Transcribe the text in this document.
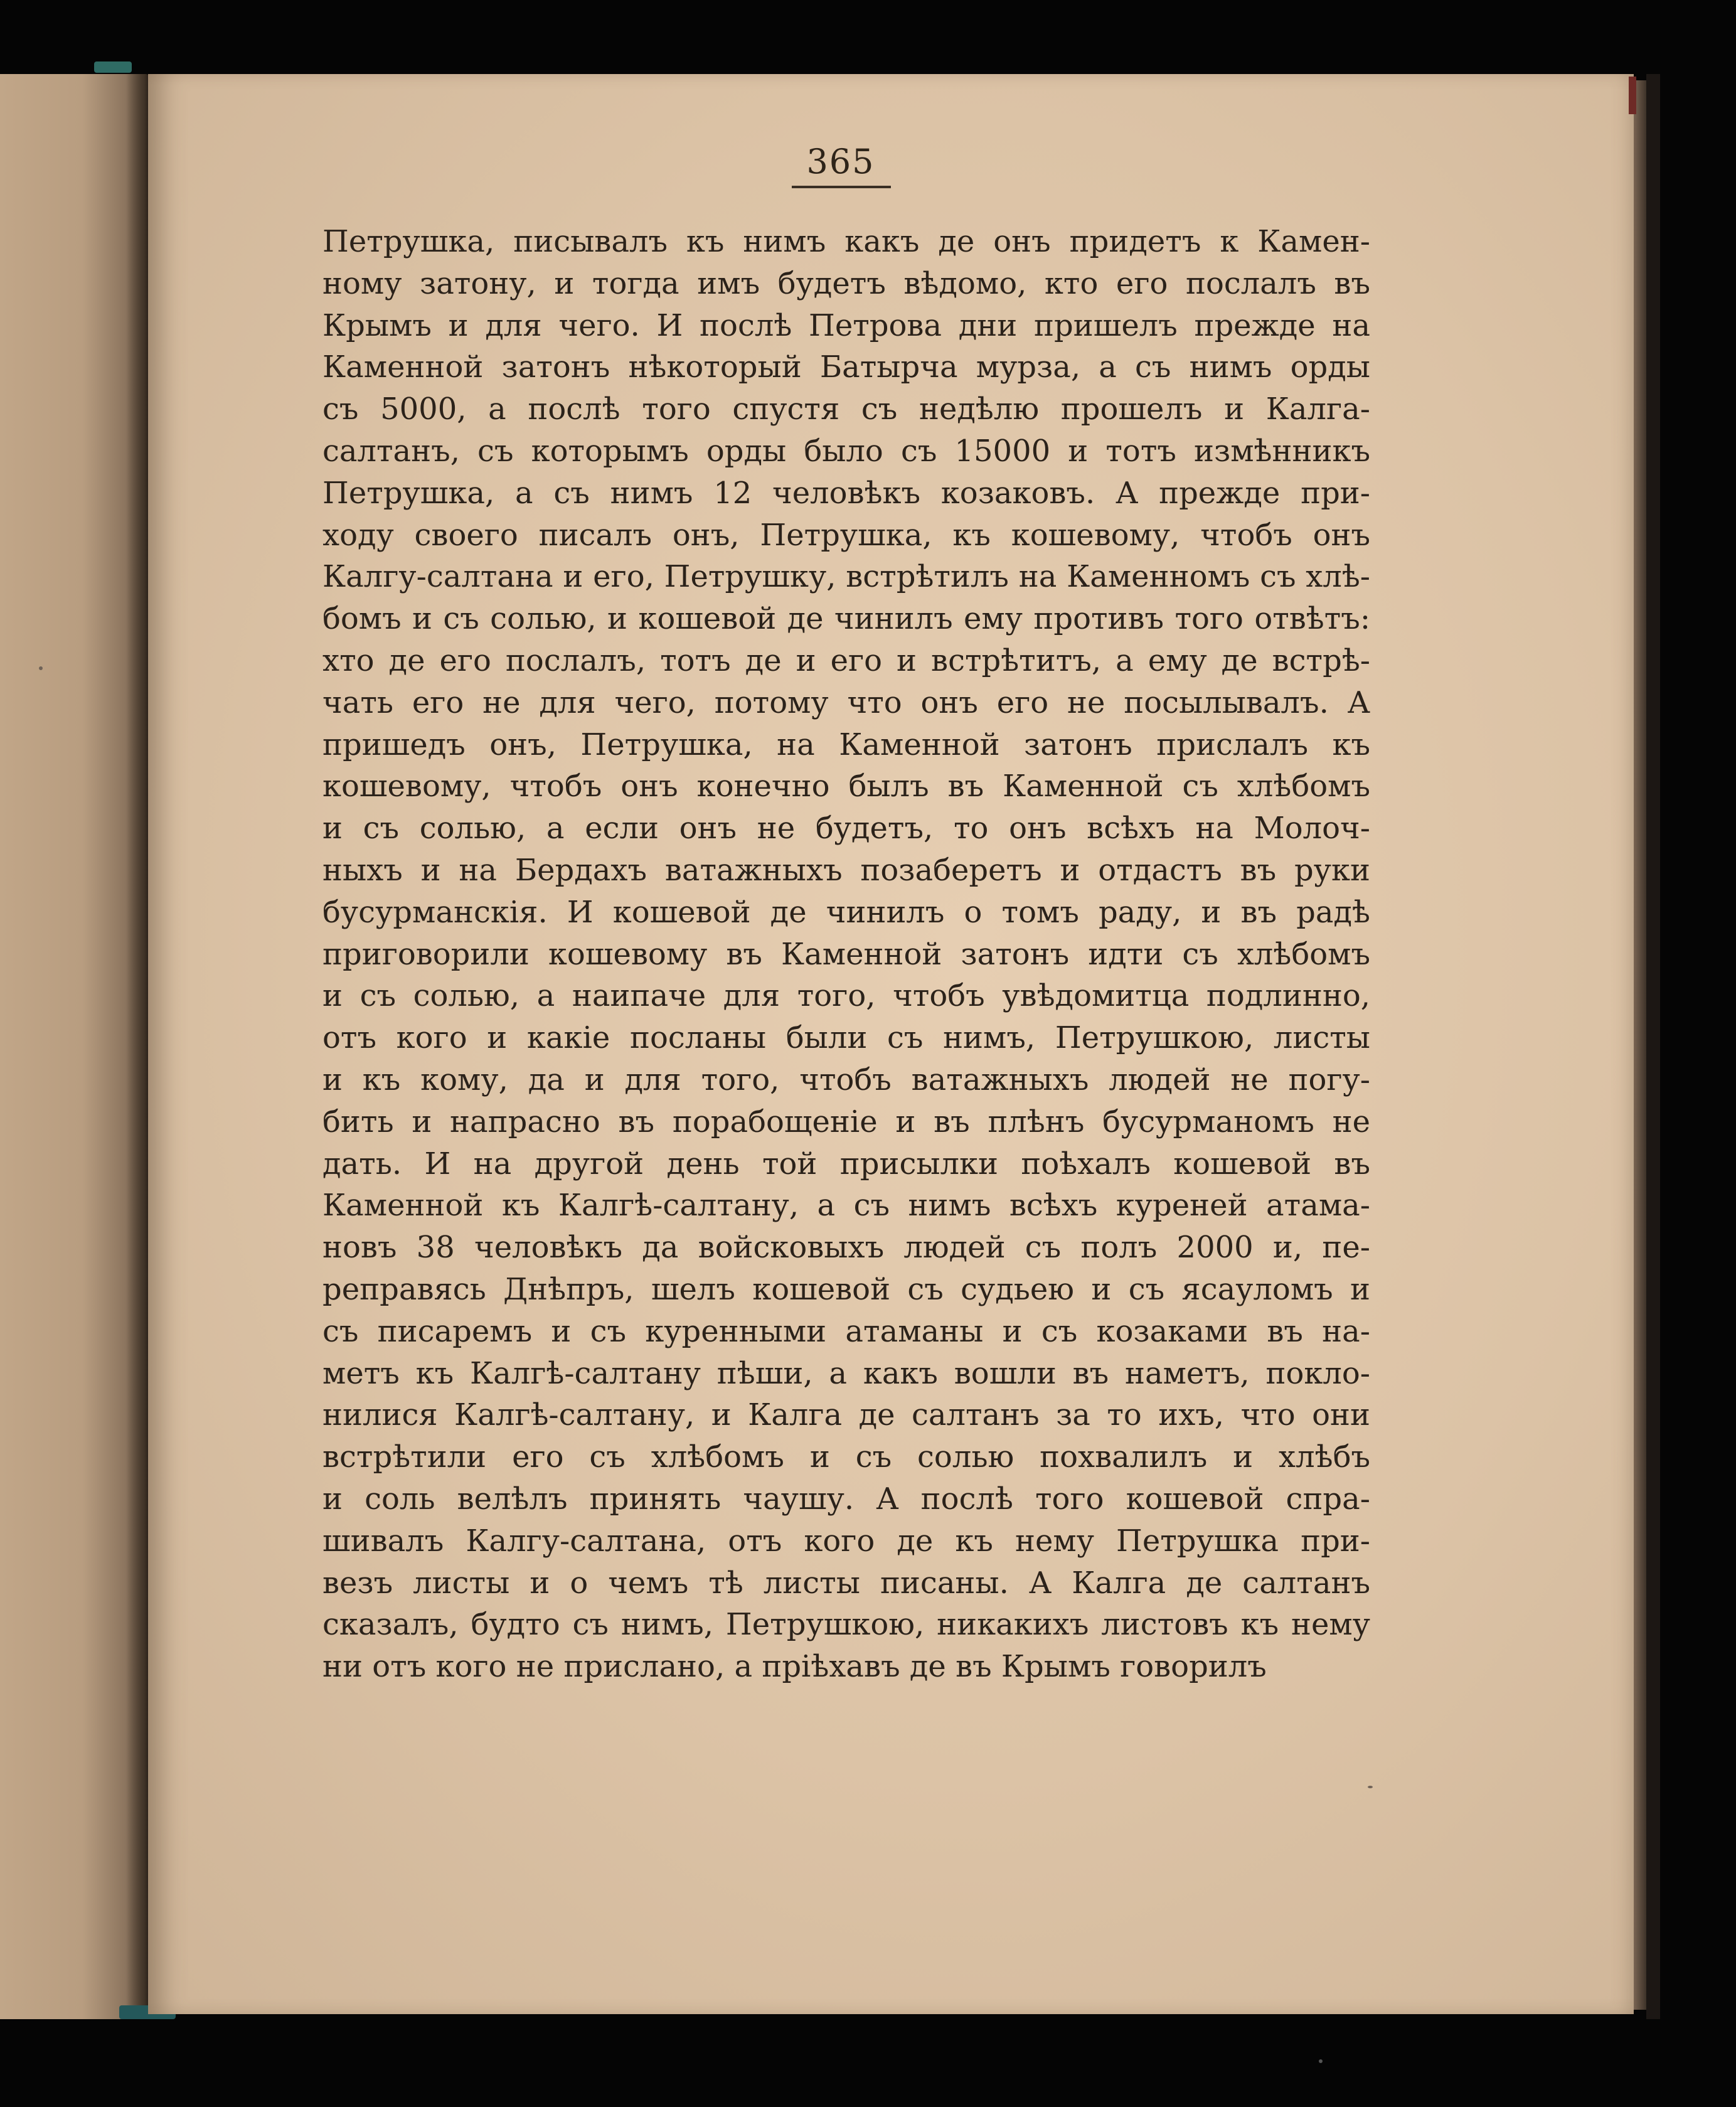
365
Петрушка, писывалъ къ нимъ какъ де онъ придетъ к Камен-
ному затону, и тогда имъ будетъ вѣдомо, кто его послалъ въ
Крымъ и для чего. И послѣ Петрова дни пришелъ прежде на
Каменной затонъ нѣкоторый Батырча мурза, а съ нимъ орды
съ 5000, а послѣ того спустя съ недѣлю прошелъ и Калга-
салтанъ, съ которымъ орды было съ 15000 и тотъ измѣнникъ
Петрушка, а съ нимъ 12 человѣкъ козаковъ. А прежде при-
ходу своего писалъ онъ, Петрушка, къ кошевому, чтобъ онъ
Калгу-салтана и его, Петрушку, встрѣтилъ на Каменномъ съ хлѣ-
бомъ и съ солью, и кошевой де чинилъ ему противъ того отвѣтъ:
хто де его послалъ, тотъ де и его и встрѣтитъ, а ему де встрѣ-
чать его не для чего, потому что онъ его не посылывалъ. А
пришедъ онъ, Петрушка, на Каменной затонъ прислалъ къ
кошевому, чтобъ онъ конечно былъ въ Каменной съ хлѣбомъ
и съ солью, а если онъ не будетъ, то онъ всѣхъ на Молоч-
ныхъ и на Бердахъ ватажныхъ позаберетъ и отдастъ въ руки
бусурманскія. И кошевой де чинилъ о томъ раду, и въ радѣ
приговорили кошевому въ Каменной затонъ идти съ хлѣбомъ
и съ солью, а наипаче для того, чтобъ увѣдомитца подлинно,
отъ кого и какіе посланы были съ нимъ, Петрушкою, листы
и къ кому, да и для того, чтобъ ватажныхъ людей не погу-
бить и напрасно въ порабощеніе и въ плѣнъ бусурманомъ не
дать. И на другой день той присылки поѣхалъ кошевой въ
Каменной къ Калгѣ-салтану, а съ нимъ всѣхъ куреней атама-
новъ 38 человѣкъ да войсковыхъ людей съ полъ 2000 и, пе-
реправясь Днѣпръ, шелъ кошевой съ судьею и съ ясауломъ и
съ писаремъ и съ куренными атаманы и съ козаками въ на-
метъ къ Калгѣ-салтану пѣши, а какъ вошли въ наметъ, покло-
нилися Калгѣ-салтану, и Калга де салтанъ за то ихъ, что они
встрѣтили его съ хлѣбомъ и съ солью похвалилъ и хлѣбъ
и соль велѣлъ принять чаушу. А послѣ того кошевой спра-
шивалъ Калгу-салтана, отъ кого де къ нему Петрушка при-
везъ листы и о чемъ тѣ листы писаны. А Калга де салтанъ
сказалъ, будто съ нимъ, Петрушкою, никакихъ листовъ къ нему
ни отъ кого не прислано, а пріѣхавъ де въ Крымъ говорилъ
